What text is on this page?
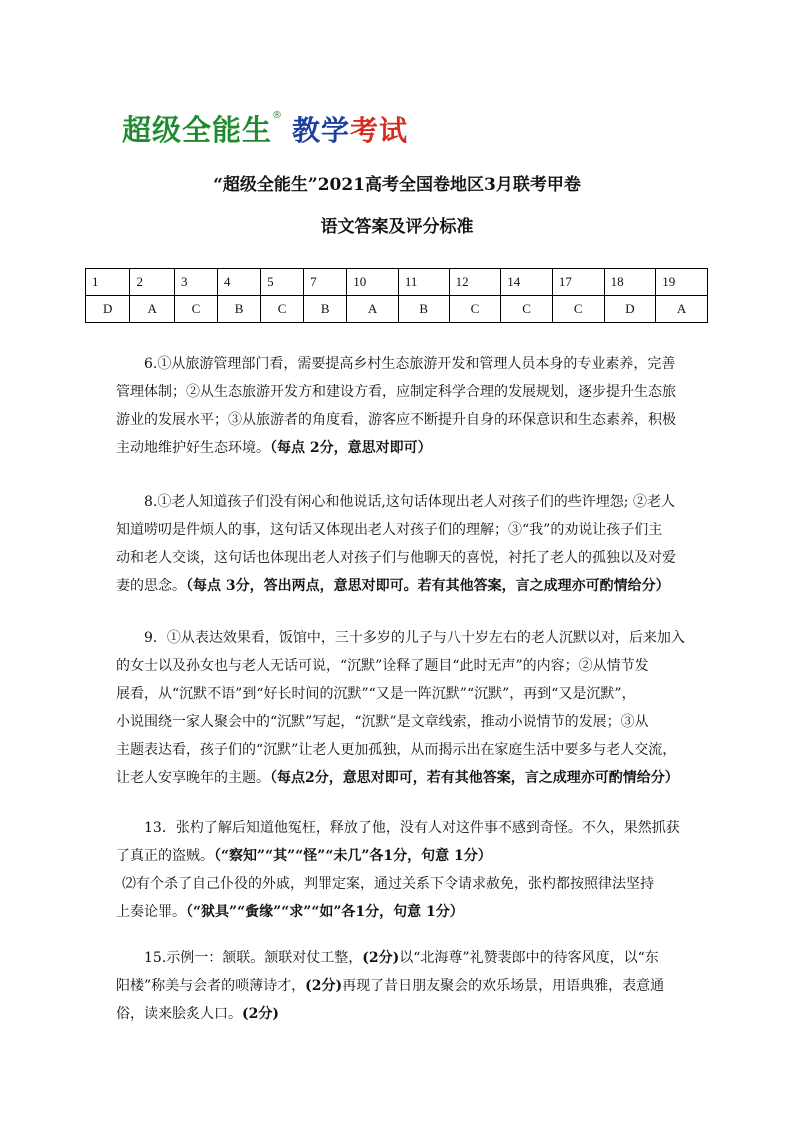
超级全能生® 教学考试
“超级全能生”2021高考全国卷地区3月联考甲卷
语文答案及评分标准
1	2	3	4	5	7	10	11	12	14	17	18	19
D	A	C	B	C	B	A	B	C	C	C	D	A
6.①从旅游管理部门看，需要提高乡村生态旅游开发和管理人员本身的专业素养，完善
管理体制；②从生态旅游开发方和建设方看，应制定科学合理的发展规划，逐步提升生态旅
游业的发展水平；③从旅游者的角度看，游客应不断提升自身的环保意识和生态素养，积极
主动地维护好生态环境。（每点 2分，意思对即可）
8.①老人知道孩子们没有闲心和他说话,这句话体现出老人对孩子们的些许埋怨; ②老人
知道唠叨是件烦人的事，这句话又体现出老人对孩子们的理解；③“我”的劝说让孩子们主
动和老人交谈，这句话也体现出老人对孩子们与他聊天的喜悦，衬托了老人的孤独以及对爱
妻的思念。（每点 3分，答出两点，意思对即可。若有其他答案，言之成理亦可酌情给分）
9．①从表达效果看，饭馆中，三十多岁的儿子与八十岁左右的老人沉默以对，后来加入
的女士以及孙女也与老人无话可说，“沉默”诠释了题目“此时无声”的内容；②从情节发
展看，从“沉默不语”到“好长时间的沉默”“又是一阵沉默”“沉默”，再到“又是沉默”，
小说围绕一家人聚会中的“沉默”写起，“沉默”是文章线索，推动小说情节的发展；③从
主题表达看，孩子们的“沉默”让老人更加孤独，从而揭示出在家庭生活中要多与老人交流，
让老人安享晚年的主题。（每点2分，意思对即可，若有其他答案，言之成理亦可酌情给分）
13．张杓了解后知道他冤枉，释放了他，没有人对这件事不感到奇怪。不久，果然抓获
了真正的盗贼。（“察知”“其”“怪”“未几”各1分，句意 1分）
⑵有个杀了自己仆役的外戚，判罪定案，通过关系下令请求赦免，张杓都按照律法坚持
上奏论罪。（“狱具”“夤缘”“求”“如”各1分，句意 1分）
15.示例一：颔联。颔联对仗工整，(2分)以“北海尊”礼赞裴郎中的待客风度，以“东
阳楼”称美与会者的唢薄诗才，(2分)再现了昔日朋友聚会的欢乐场景，用语典雅，表意通
俗，读来脍炙人口。(2分)
